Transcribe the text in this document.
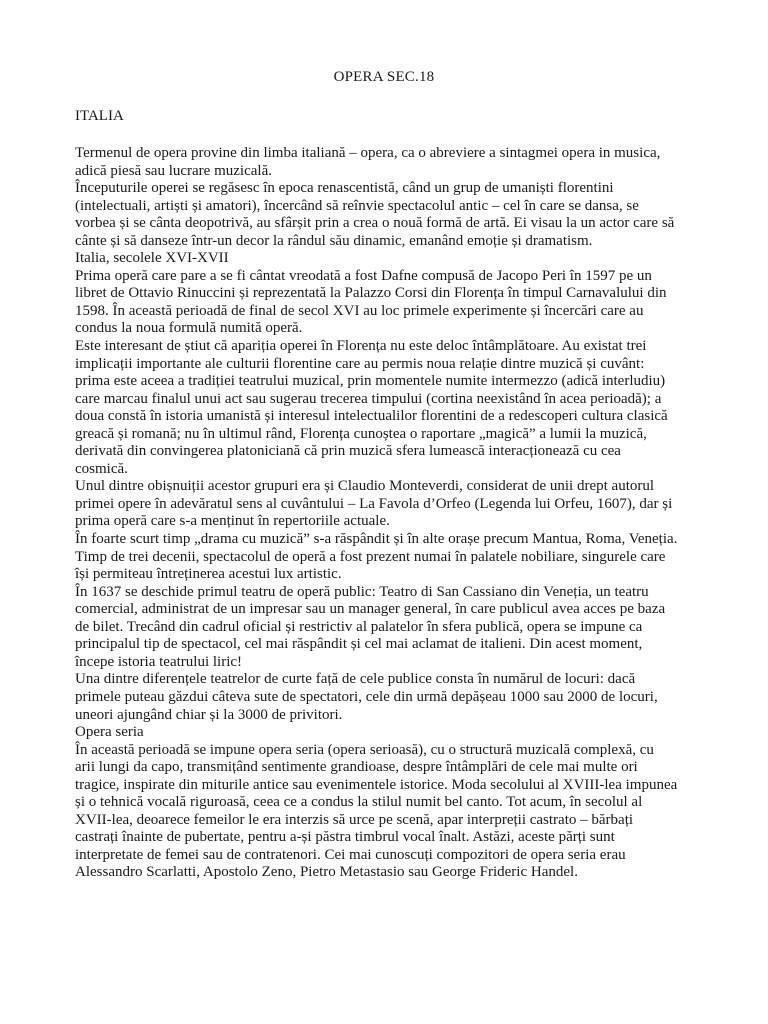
OPERA SEC.18
ITALIA

Termenul de opera provine din limba italiană – opera, ca o abreviere a sintagmei opera in musica,
adică piesă sau lucrare muzicală.

Începuturile operei se regăsesc în epoca renascentistă, când un grup de umaniști florentini
(intelectuali, artiști și amatori), încercând să reînvie spectacolul antic – cel în care se dansa, se
vorbea și se cânta deopotrivă, au sfârșit prin a crea o nouă formă de artă. Ei visau la un actor care să
cânte și să danseze într-un decor la rândul său dinamic, emanând emoție și dramatism.

Italia, secolele XVI-XVII

Prima operă care pare a se fi cântat vreodată a fost Dafne compusă de Jacopo Peri în 1597 pe un
libret de Ottavio Rinuccini și reprezentată la Palazzo Corsi din Florența în timpul Carnavalului din
1598. În această perioadă de final de secol XVI au loc primele experimente și încercări care au
condus la noua formulă numită operă.

Este interesant de știut că apariția operei în Florența nu este deloc întâmplătoare. Au existat trei
implicații importante ale culturii florentine care au permis noua relație dintre muzică și cuvânt:
prima este aceea a tradiției teatrului muzical, prin momentele numite intermezzo (adică interludiu)
care marcau finalul unui act sau sugerau trecerea timpului (cortina neexistând în acea perioadă); a
doua constă în istoria umanistă și interesul intelectualilor florentini de a redescoperi cultura clasică
greacă și romană; nu în ultimul rând, Florența cunoștea o raportare „magică” a lumii la muzică,
derivată din convingerea platoniciană că prin muzică sfera lumească interacționează cu cea
cosmică.

Unul dintre obișnuiții acestor grupuri era și Claudio Monteverdi, considerat de unii drept autorul
primei opere în adevăratul sens al cuvântului – La Favola d’Orfeo (Legenda lui Orfeu, 1607), dar și
prima operă care s-a menținut în repertoriile actuale.

În foarte scurt timp „drama cu muzică” s-a răspândit și în alte orașe precum Mantua, Roma, Veneția.
Timp de trei decenii, spectacolul de operă a fost prezent numai în palatele nobiliare, singurele care
își permiteau întreținerea acestui lux artistic.

În 1637 se deschide primul teatru de operă public: Teatro di San Cassiano din Veneția, un teatru
comercial, administrat de un impresar sau un manager general, în care publicul avea acces pe baza
de bilet. Trecând din cadrul oficial și restrictiv al palatelor în sfera publică, opera se impune ca
principalul tip de spectacol, cel mai răspândit și cel mai aclamat de italieni. Din acest moment,
începe istoria teatrului liric!

Una dintre diferențele teatrelor de curte față de cele publice consta în numărul de locuri: dacă
primele puteau găzdui câteva sute de spectatori, cele din urmă depășeau 1000 sau 2000 de locuri,
uneori ajungând chiar și la 3000 de privitori.

Opera seria

În această perioadă se impune opera seria (opera serioasă), cu o structură muzicală complexă, cu
arii lungi da capo, transmițând sentimente grandioase, despre întâmplări de cele mai multe ori
tragice, inspirate din miturile antice sau evenimentele istorice. Moda secolului al XVIII-lea impunea
și o tehnică vocală riguroasă, ceea ce a condus la stilul numit bel canto. Tot acum, în secolul al
XVII-lea, deoarece femeilor le era interzis să urce pe scenă, apar interpreții castrato – bărbați
castrați înainte de pubertate, pentru a-și păstra timbrul vocal înalt. Astăzi, aceste părți sunt
interpretate de femei sau de contratenori. Cei mai cunoscuți compozitori de opera seria erau
Alessandro Scarlatti, Apostolo Zeno, Pietro Metastasio sau George Frideric Handel.
